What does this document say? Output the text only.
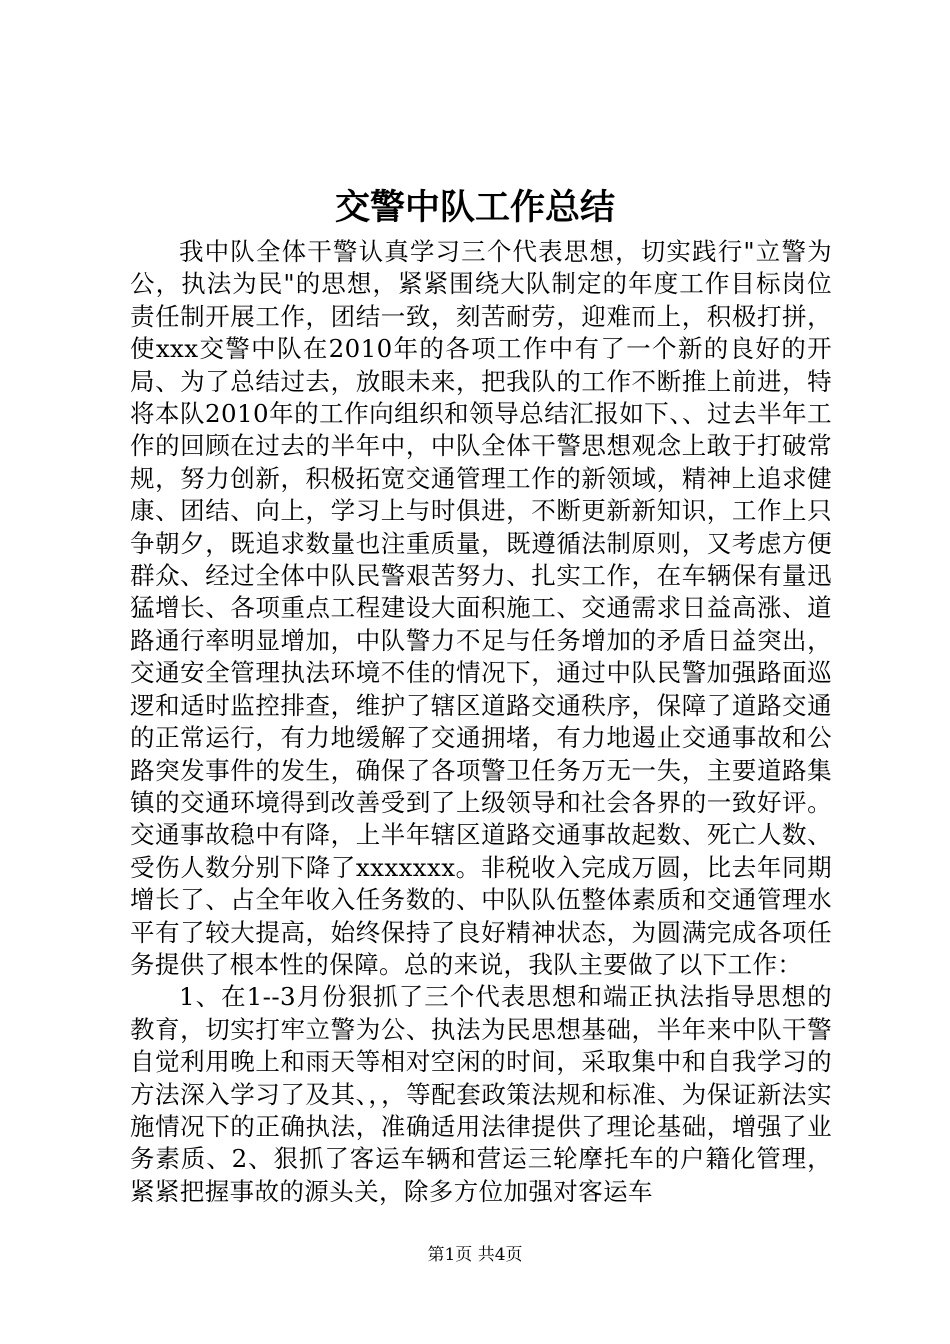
交警中队工作总结

我中队全体干警认真学习三个代表思想，切实践行"立警为公，执法为民"的思想，紧紧围绕大队制定的年度工作目标岗位责任制开展工作，团结一致，刻苦耐劳，迎难而上，积极打拼，使xxx交警中队在2010年的各项工作中有了一个新的良好的开局、为了总结过去，放眼未来，把我队的工作不断推上前进，特将本队2010年的工作向组织和领导总结汇报如下、、过去半年工作的回顾在过去的半年中，中队全体干警思想观念上敢于打破常规，努力创新，积极拓宽交通管理工作的新领域，精神上追求健康、团结、向上，学习上与时俱进，不断更新新知识，工作上只争朝夕，既追求数量也注重质量，既遵循法制原则，又考虑方便群众、经过全体中队民警艰苦努力、扎实工作，在车辆保有量迅猛增长、各项重点工程建设大面积施工、交通需求日益高涨、道路通行率明显增加，中队警力不足与任务增加的矛盾日益突出，交通安全管理执法环境不佳的情况下，通过中队民警加强路面巡逻和适时监控排查，维护了辖区道路交通秩序，保障了道路交通的正常运行，有力地缓解了交通拥堵，有力地遏止交通事故和公路突发事件的发生，确保了各项警卫任务万无一失，主要道路集镇的交通环境得到改善受到了上级领导和社会各界的一致好评。交通事故稳中有降，上半年辖区道路交通事故起数、死亡人数、受伤人数分别下降了xxxxxxx。非税收入完成万圆，比去年同期增长了、占全年收入任务数的、中队队伍整体素质和交通管理水平有了较大提高，始终保持了良好精神状态，为圆满完成各项任务提供了根本性的保障。总的来说，我队主要做了以下工作：

1、在1--3月份狠抓了三个代表思想和端正执法指导思想的教育，切实打牢立警为公、执法为民思想基础，半年来中队干警自觉利用晚上和雨天等相对空闲的时间，采取集中和自我学习的方法深入学习了及其、，，等配套政策法规和标准、为保证新法实施情况下的正确执法，准确适用法律提供了理论基础，增强了业务素质、2、狠抓了客运车辆和营运三轮摩托车的户籍化管理，紧紧把握事故的源头关，除多方位加强对客运车

第1页 共4页
